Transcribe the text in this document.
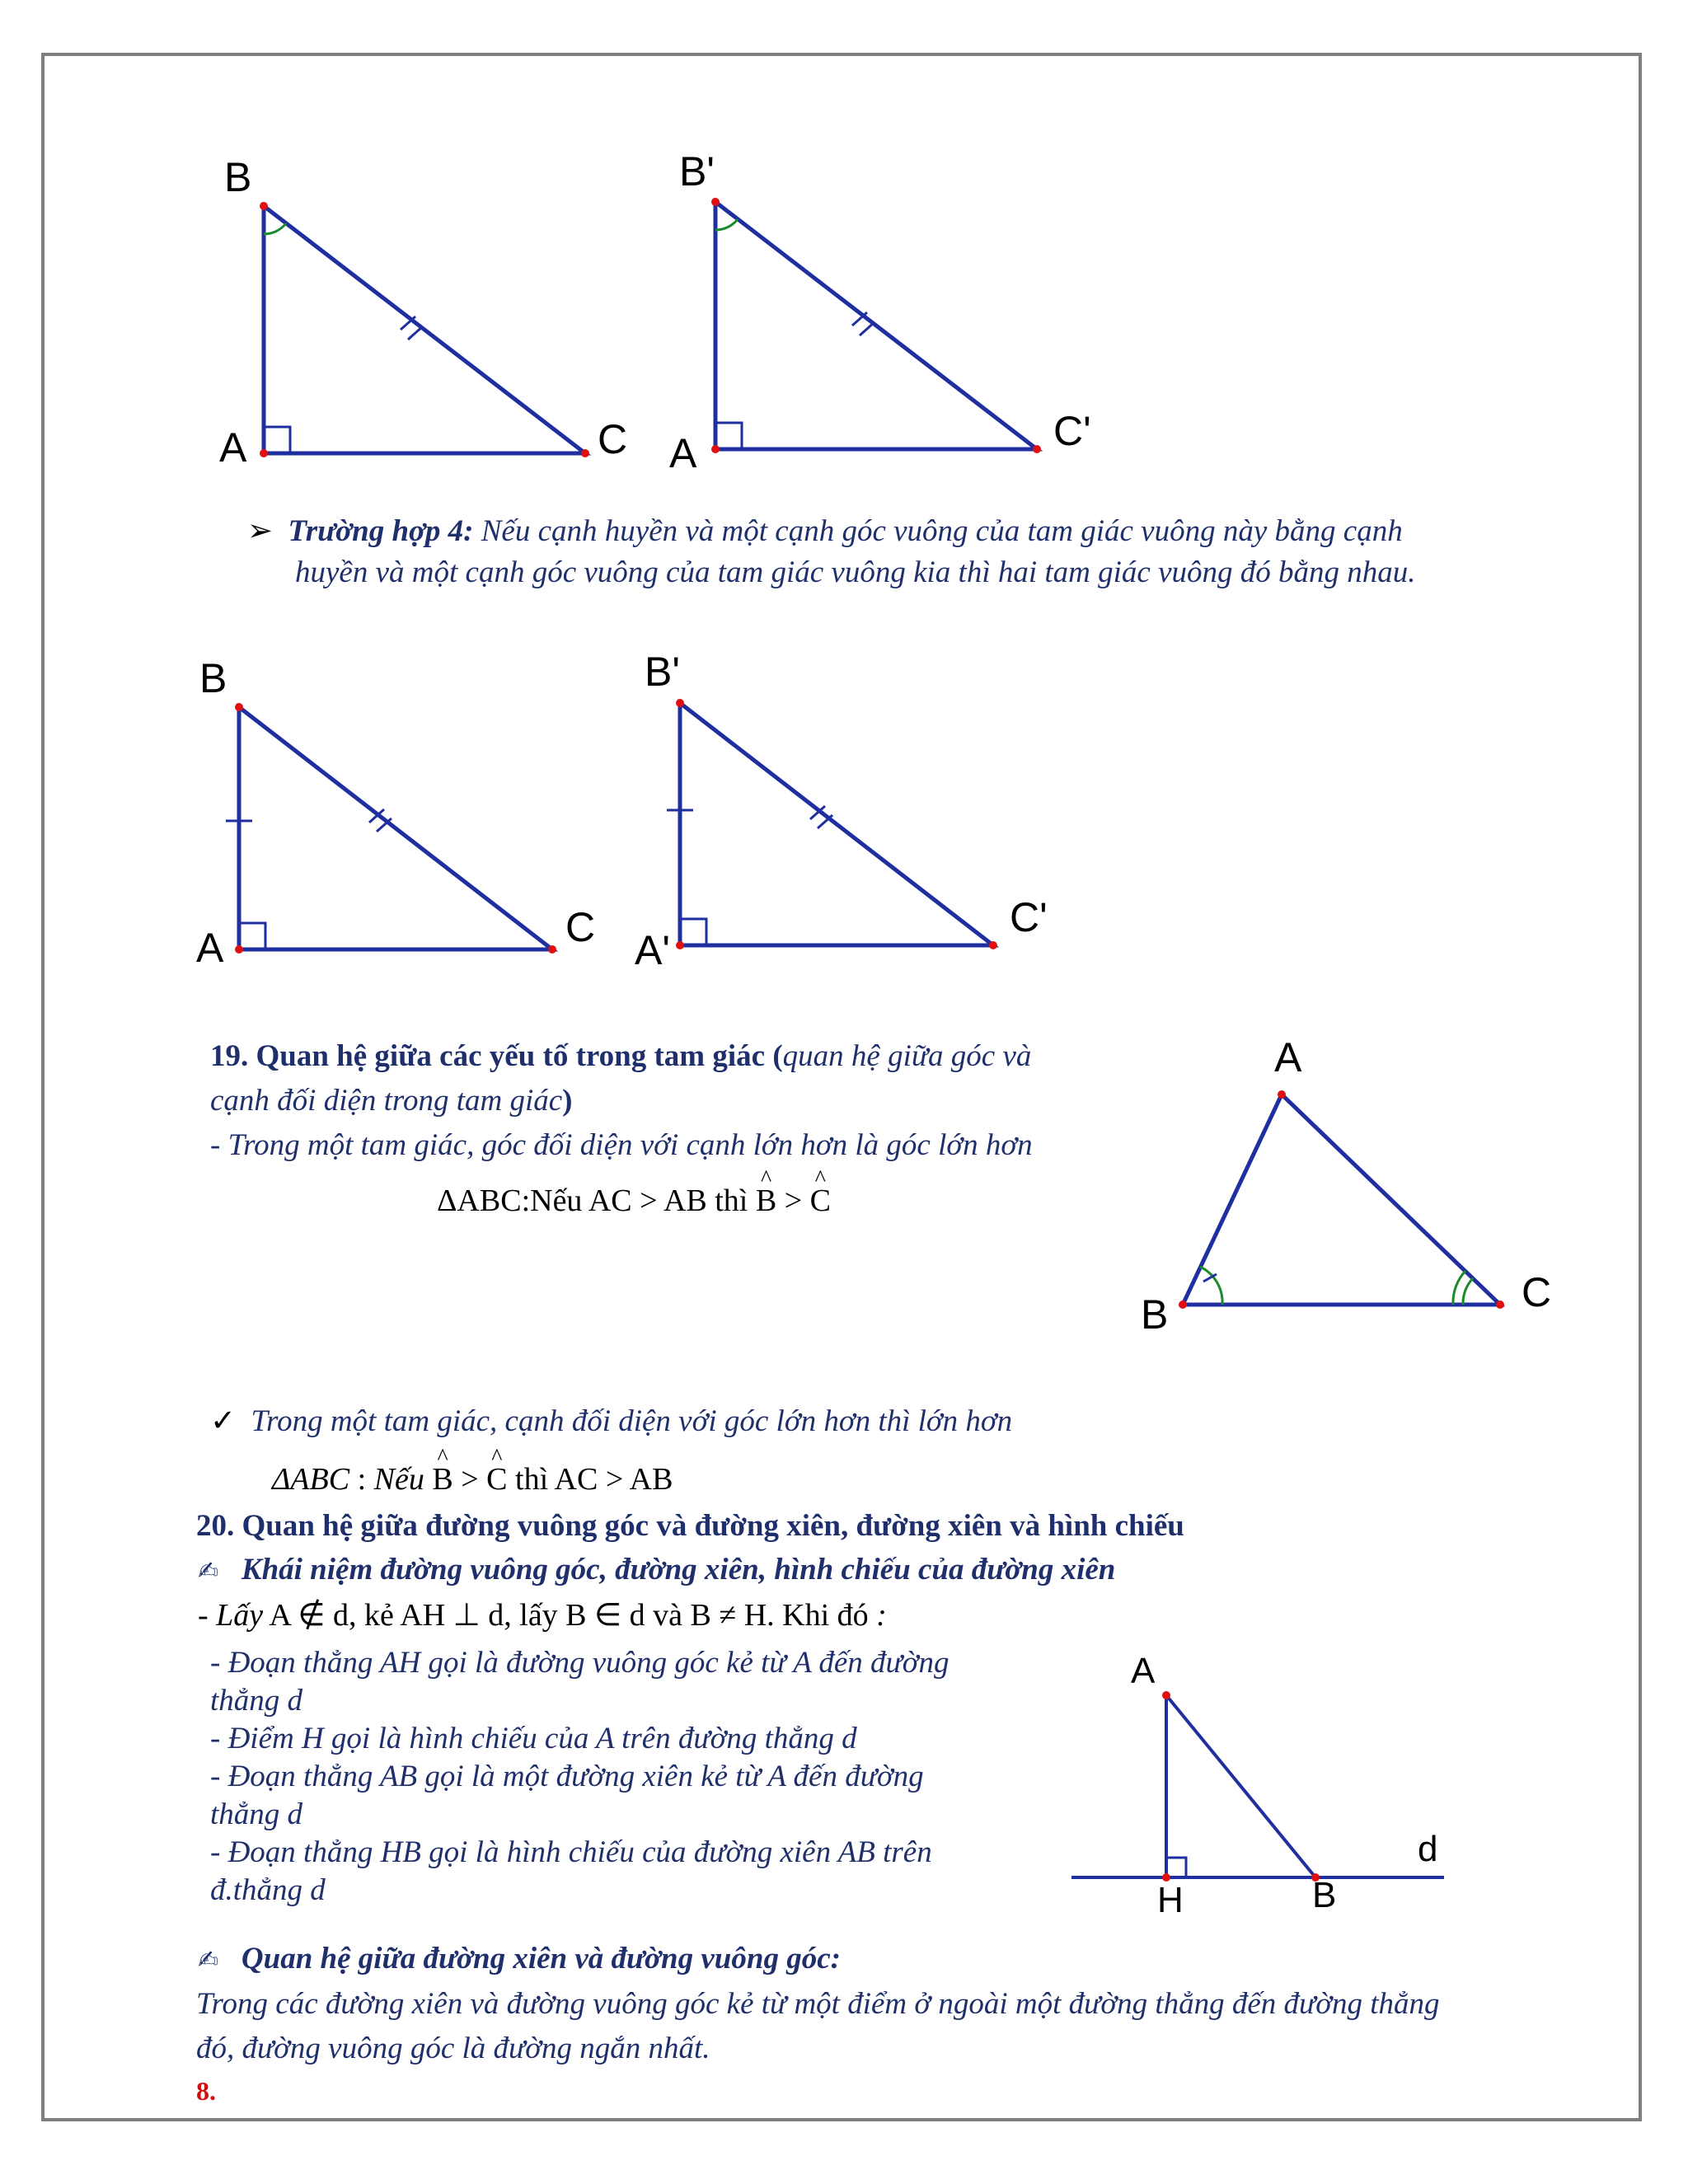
B
A	C
B'
A	C'
➢ Trường hợp 4: Nếu cạnh huyền và một cạnh góc vuông của tam giác vuông này bằng cạnh
huyền và một cạnh góc vuông của tam giác vuông kia thì hai tam giác vuông đó bằng nhau.
B
A	C
B'
A'
C'
19. Quan hệ giữa các yếu tố trong tam giác (quan hệ giữa góc và
cạnh đối diện trong tam giác)
- Trong một tam giác, góc đối diện với cạnh lớn hơn là góc lớn hơn
ΔABC:Nếu AC > AB thì ^ B > ^ C
A
B	C
✓ Trong một tam giác, cạnh đối diện với góc lớn hơn thì lớn hơn
ΔABC : Nếu ^ B > ^ C thì AC > AB
20. Quan hệ giữa đường vuông góc và đường xiên, đường xiên và hình chiếu
✍ Khái niệm đường vuông góc, đường xiên, hình chiếu của đường xiên
- Lấy A ∉ d, kẻ AH ⊥ d, lấy B ∈ d và B ≠ H. Khi đó :
- Đoạn thẳng AH gọi là đường vuông góc kẻ từ A đến đường
thẳng d
- Điểm H gọi là hình chiếu của A trên đường thẳng d
- Đoạn thẳng AB gọi là một đường xiên kẻ từ A đến đường
thẳng d
- Đoạn thẳng HB gọi là hình chiếu của đường xiên AB trên
đ.thẳng d
A
H	B
d
✍ Quan hệ giữa đường xiên và đường vuông góc:
Trong các đường xiên và đường vuông góc kẻ từ một điểm ở ngoài một đường thẳng đến đường thẳng
đó, đường vuông góc là đường ngắn nhất.
8.
